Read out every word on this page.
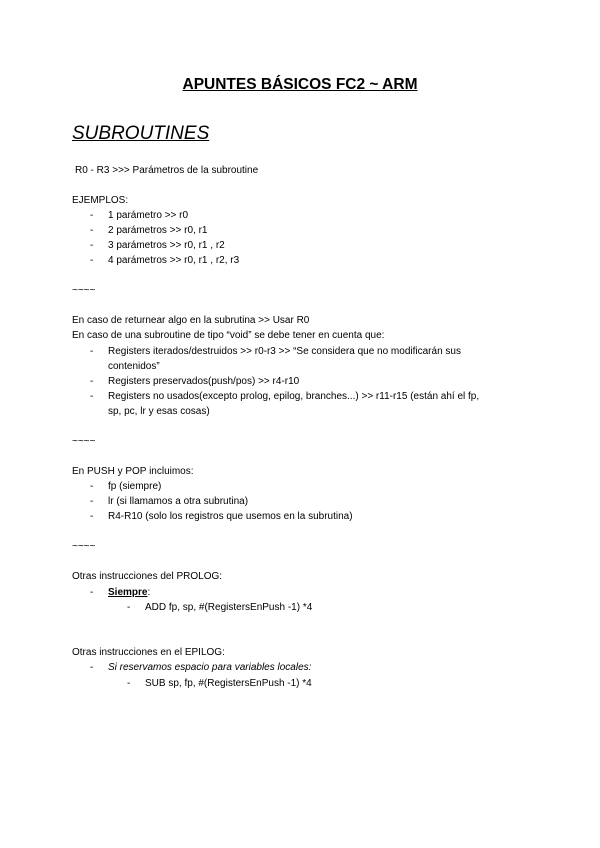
APUNTES BÁSICOS FC2 ~ ARM
SUBROUTINES
R0 - R3 >>> Parámetros de la subroutine
EJEMPLOS:
- 1 parámetro >> r0
- 2 parámetros >> r0, r1
- 3 parámetros >> r0, r1 , r2
- 4 parámetros >> r0, r1 , r2, r3
~~~~
En caso de returnear algo en la subrutina >> Usar R0
En caso de una subroutine de tipo “void” se debe tener en cuenta que:
- Registers iterados/destruidos >> r0-r3 >> “Se considera que no modificarán sus
contenidos”
- Registers preservados(push/pos) >> r4-r10
- Registers no usados(excepto prolog, epilog, branches...) >> r11-r15 (están ahí el fp,
sp, pc, lr y esas cosas)
~~~~
En PUSH y POP incluimos:
- fp (siempre)
- lr (si llamamos a otra subrutina)
- R4-R10 (solo los registros que usemos en la subrutina)
~~~~
Otras instrucciones del PROLOG:
- Siempre:
- ADD fp, sp, #(RegistersEnPush -1) *4
Otras instrucciones en el EPILOG:
- Si reservamos espacio para variables locales:
- SUB sp, fp, #(RegistersEnPush -1) *4
